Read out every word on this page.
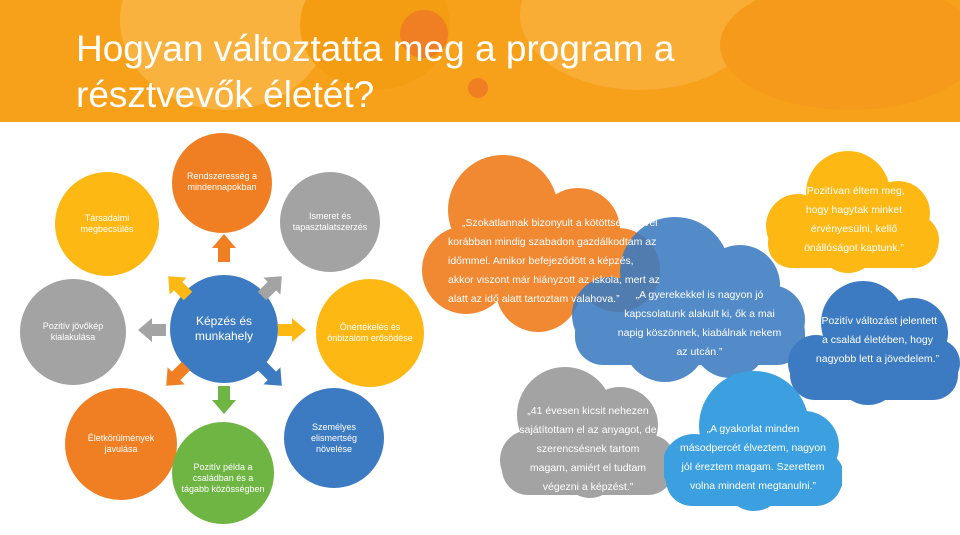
Hogyan változtatta meg a program a résztvevők életét?
Rendszeresség a mindennapokban
Társadalmi megbecsülés
Ismeret és tapasztalatszerzés
Pozitív jövőkép kialakulása
Képzés és munkahely
Önértékelés és önbizalom erősödése
Életkörülmények javulása
Pozitív példa a családban és a tágabb közösségben
Személyes elismertség növelése
„Szokatlannak bizonyult a kötöttség, mivel korábban mindig szabadon gazdálkodtam az időmmel. Amikor befejeződött a képzés, akkor viszont már hiányzott az iskola, mert az alatt az idő alatt tartoztam valahova.”	„A gyerekekkel is nagyon jó kapcsolatunk alakult ki, ők a mai napig köszönnek, kiabálnak nekem az utcán.”
„Pozitívan éltem meg, hogy hagytak minket érvényesülni, kellő önállóságot kaptunk.”
„Pozitív változást jelentett a család életében, hogy nagyobb lett a jövedelem.”
„41 évesen kicsit nehezen sajátítottam el az anyagot, de szerencsésnek tartom magam, amiért el tudtam végezni a képzést.”
„A gyakorlat minden másodpercét élveztem, nagyon jól éreztem magam. Szerettem volna mindent megtanulni.”
